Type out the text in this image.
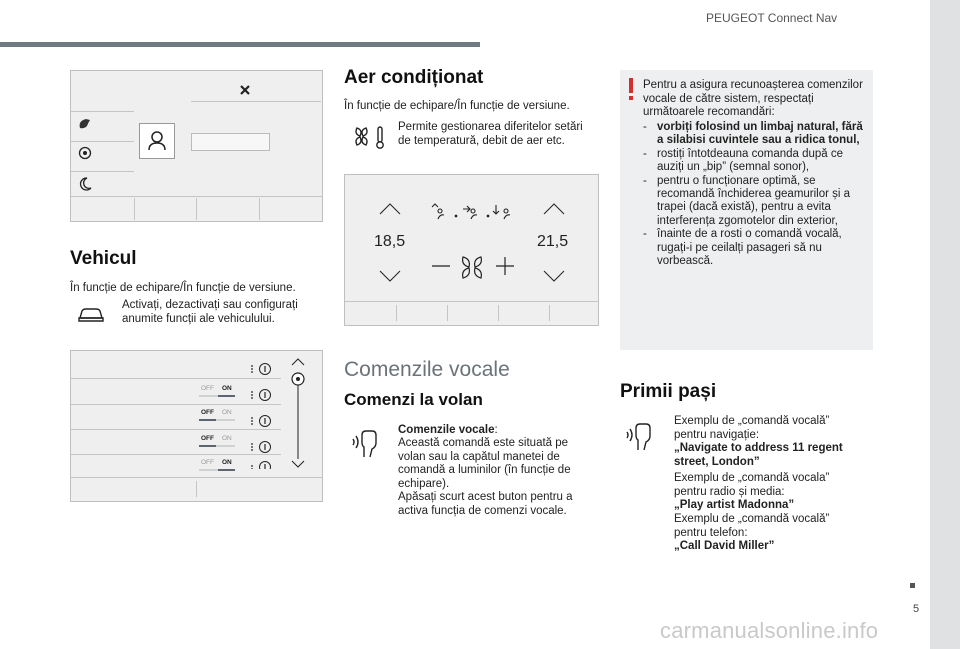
PEUGEOT Connect Nav
5
carmanualsonline.info
Vehicul
În funcție de echipare/În funcție de versiune.
Activați, dezactivați sau configurați anumite funcții ale vehiculului.
OFF ON
OFF ON
OFF ON
OFF ON
Aer condiționat
În funcție de echipare/În funcție de versiune.
Permite gestionarea diferitelor setări de temperatură, debit de aer etc.
18,5	21,5
Comenzile vocale
Comenzi la volan
Comenzile vocale:
Această comandă este situată pe volan sau la capătul manetei de comandă a luminilor (în funcție de echipare).
Apăsați scurt acest buton pentru a activa funcția de comenzi vocale.
Pentru a asigura recunoașterea comenzilor vocale de către sistem, respectați următoarele recomandări:
- vorbiți folosind un limbaj natural, fără a silabisi cuvintele sau a ridica tonul,
- rostiți întotdeauna comanda după ce auziți un „bip” (semnal sonor),
- pentru o funcționare optimă, se recomandă închiderea geamurilor și a trapei (dacă există), pentru a evita interferența zgomotelor din exterior,
- înainte de a rosti o comandă vocală, rugați-i pe ceilalți pasageri să nu vorbească.
Primii pași
Exemplu de „comandă vocală” pentru navigație:
„Navigate to address 11 regent street, London”
Exemplu de „comandă vocala” pentru radio și media:
„Play artist Madonna”
Exemplu de „comandă vocală” pentru telefon:
„Call David Miller”
